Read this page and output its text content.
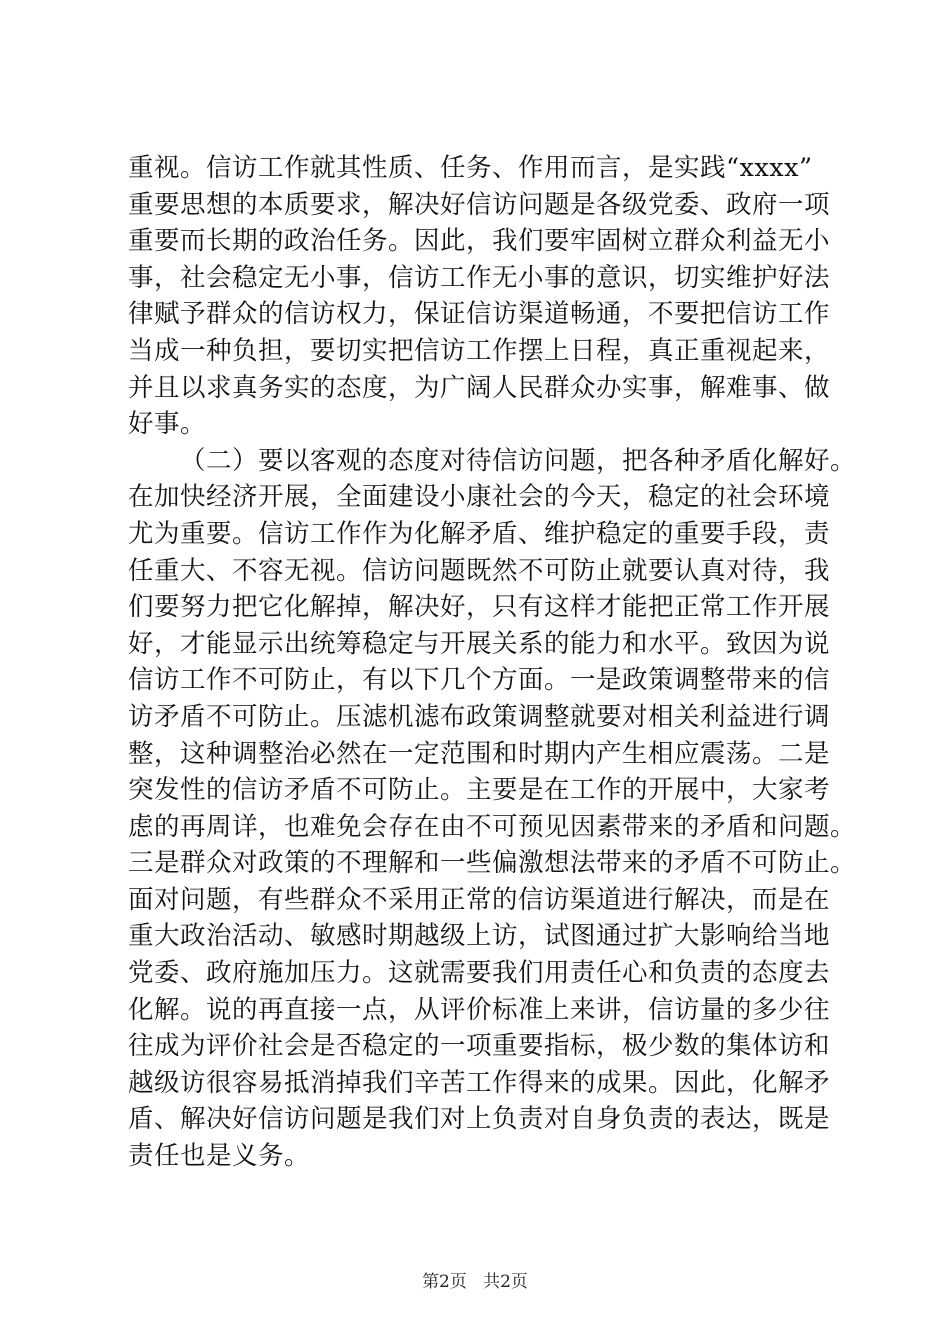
重视。信访工作就其性质、任务、作用而言，是实践“xxxx”
重要思想的本质要求，解决好信访问题是各级党委、政府一项
重要而长期的政治任务。因此，我们要牢固树立群众利益无小
事，社会稳定无小事，信访工作无小事的意识，切实维护好法
律赋予群众的信访权力，保证信访渠道畅通，不要把信访工作
当成一种负担，要切实把信访工作摆上日程，真正重视起来，
并且以求真务实的态度，为广阔人民群众办实事，解难事、做
好事。
（二）要以客观的态度对待信访问题，把各种矛盾化解好。
在加快经济开展，全面建设小康社会的今天，稳定的社会环境
尤为重要。信访工作作为化解矛盾、维护稳定的重要手段，责
任重大、不容无视。信访问题既然不可防止就要认真对待，我
们要努力把它化解掉，解决好，只有这样才能把正常工作开展
好，才能显示出统筹稳定与开展关系的能力和水平。致因为说
信访工作不可防止，有以下几个方面。一是政策调整带来的信
访矛盾不可防止。压滤机滤布政策调整就要对相关利益进行调
整，这种调整治必然在一定范围和时期内产生相应震荡。二是
突发性的信访矛盾不可防止。主要是在工作的开展中，大家考
虑的再周详，也难免会存在由不可预见因素带来的矛盾和问题。
三是群众对政策的不理解和一些偏激想法带来的矛盾不可防止。
面对问题，有些群众不采用正常的信访渠道进行解决，而是在
重大政治活动、敏感时期越级上访，试图通过扩大影响给当地
党委、政府施加压力。这就需要我们用责任心和负责的态度去
化解。说的再直接一点，从评价标准上来讲，信访量的多少往
往成为评价社会是否稳定的一项重要指标，极少数的集体访和
越级访很容易抵消掉我们辛苦工作得来的成果。因此，化解矛
盾、解决好信访问题是我们对上负责对自身负责的表达，既是
责任也是义务。
第2页 共2页
